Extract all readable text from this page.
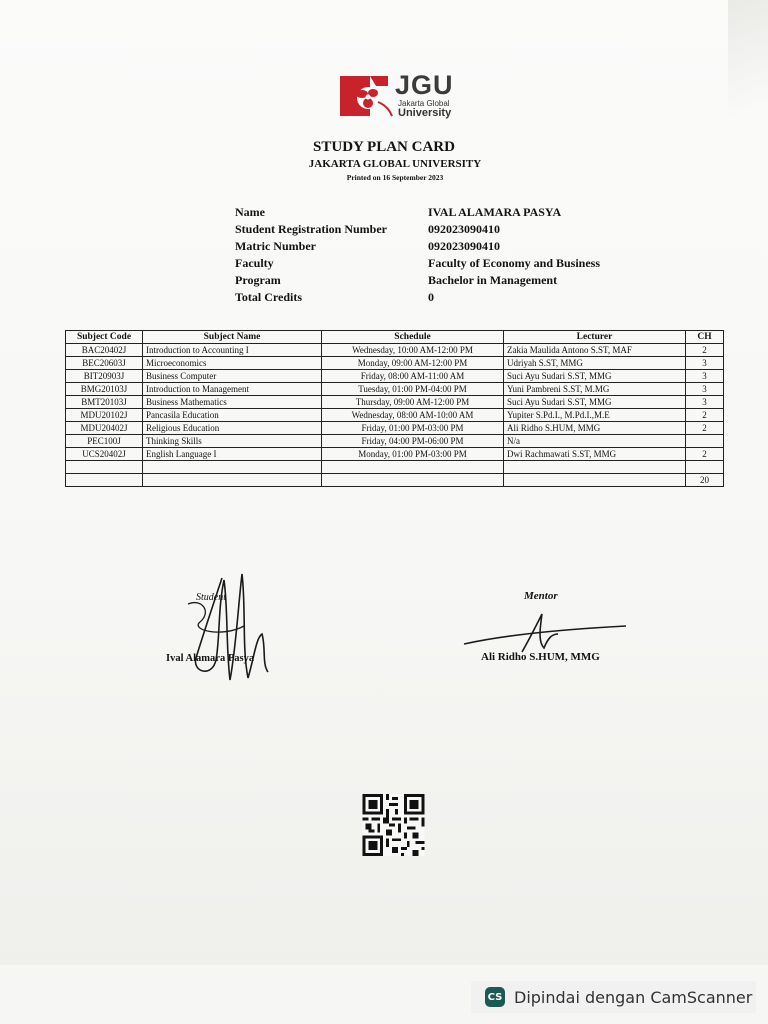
JGU
Jakarta Global
University
STUDY PLAN CARD
JAKARTA GLOBAL UNIVERSITY
Printed on 16 September 2023
Name	IVAL ALAMARA PASYA
Student Registration Number	092023090410
Matric Number	092023090410
Faculty	Faculty of Economy and Business
Program	Bachelor in Management
Total Credits	0
Subject Code	Subject Name	Schedule	Lecturer	CH
BAC20402J	Introduction to Accounting I	Wednesday, 10:00 AM-12:00 PM	Zakia Maulida Antono S.ST, MAF	2
BEC20603J	Microeconomics	Monday, 09:00 AM-12:00 PM	Udriyah S.ST, MMG	3
BIT20903J	Business Computer	Friday, 08:00 AM-11:00 AM	Suci Ayu Sudari S.ST, MMG	3
BMG20103J	Introduction to Management	Tuesday, 01:00 PM-04:00 PM	Yuni Pambreni S.ST, M.MG	3
BMT20103J	Business Mathematics	Thursday, 09:00 AM-12:00 PM	Suci Ayu Sudari S.ST, MMG	3
MDU20102J	Pancasila Education	Wednesday, 08:00 AM-10:00 AM	Yupiter S.Pd.I., M.Pd.I.,M.E	2
MDU20402J	Religious Education	Friday, 01:00 PM-03:00 PM	Ali Ridho S.HUM, MMG	2
PEC100J	Thinking Skills	Friday, 04:00 PM-06:00 PM	N/a	
UCS20402J	English Language I	Monday, 01:00 PM-03:00 PM	Dwi Rachmawati S.ST, MMG	2

				20
Student
Ival Alamara Pasya
Mentor
Ali Ridho S.HUM, MMG
CS Dipindai dengan CamScanner
